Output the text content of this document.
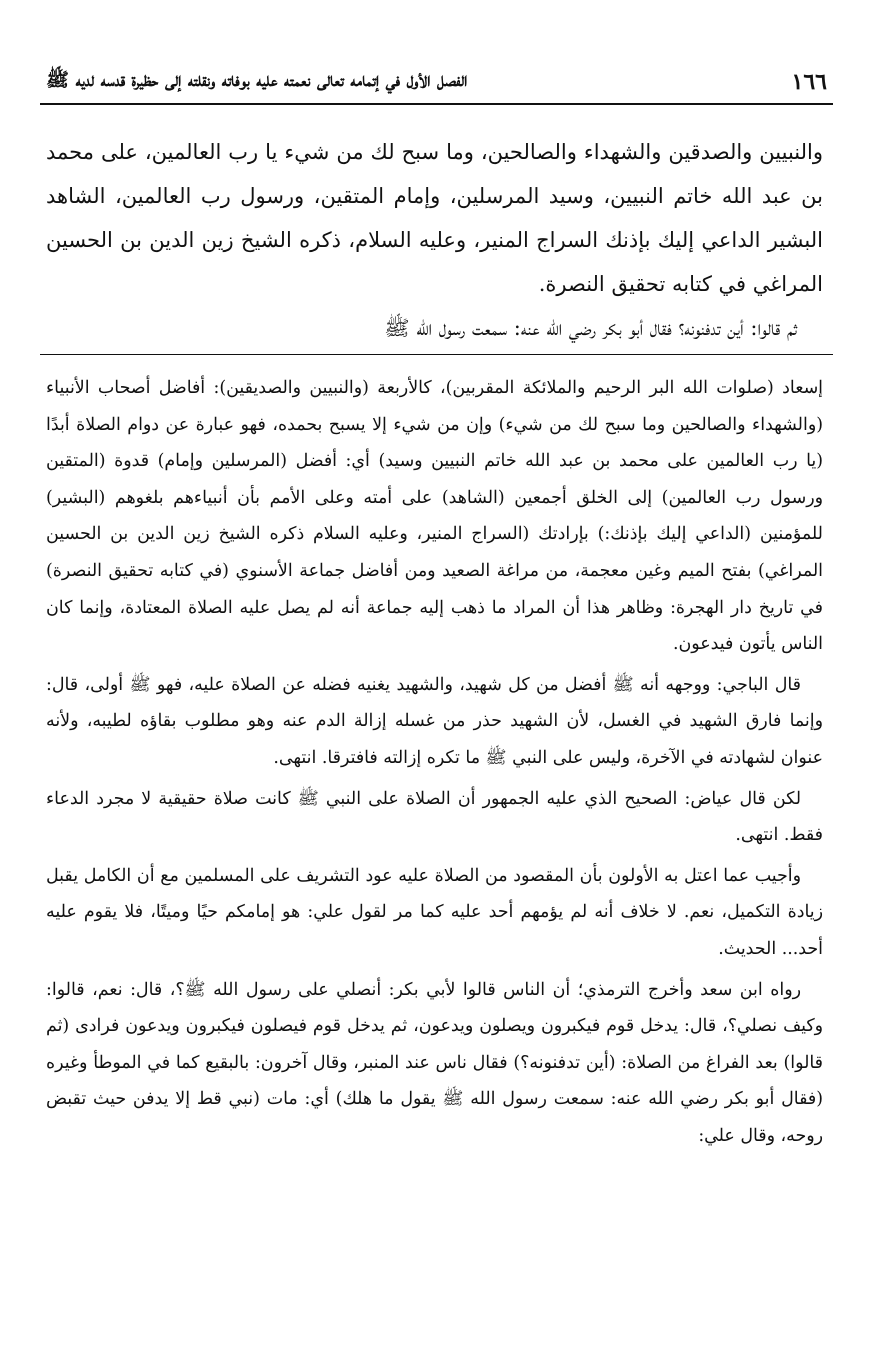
١٦٦
الفصل الأول في إتمامه تعالى نعمته عليه بوفاته ونقلته إلى حظيرة قدسه لديه ﷺ

والنبيين والصدقين والشهداء والصالحين، وما سبح لك من شيء يا رب العالمين، على محمد بن عبد الله خاتم النبيين، وسيد المرسلين، وإمام المتقين، ورسول رب العالمين، الشاهد البشير الداعي إليك بإذنك السراج المنير، وعليه السلام، ذكره الشيخ زين الدين بن الحسين المراغي في كتابه تحقيق النصرة.

ثم قالوا: أين تدفنونه؟ فقال أبو بكر رضي الله عنه: سمعت رسول الله ﷺ

إسعاد (صلوات الله البر الرحيم والملائكة المقربين)، كالأربعة (والنبيين والصديقين): أفاضل أصحاب الأنبياء (والشهداء والصالحين وما سبح لك من شيء) وإن من شيء إلا يسبح بحمده، فهو عبارة عن دوام الصلاة أبدًا (يا رب العالمين على محمد بن عبد الله خاتم النبيين وسيد) أي: أفضل (المرسلين وإمام) قدوة (المتقين ورسول رب العالمين) إلى الخلق أجمعين (الشاهد) على أمته وعلى الأمم بأن أنبياءهم بلغوهم (البشير) للمؤمنين (الداعي إليك بإذنك:) بإرادتك (السراج المنير، وعليه السلام ذكره الشيخ زين الدين بن الحسين المراغي) بفتح الميم وغين معجمة، من مراغة الصعيد ومن أفاضل جماعة الأسنوي (في كتابه تحقيق النصرة) في تاريخ دار الهجرة: وظاهر هذا أن المراد ما ذهب إليه جماعة أنه لم يصل عليه الصلاة المعتادة، وإنما كان الناس يأتون فيدعون.

قال الباجي: ووجهه أنه ﷺ أفضل من كل شهيد، والشهيد يغنيه فضله عن الصلاة عليه، فهو ﷺ أولى، قال: وإنما فارق الشهيد في الغسل، لأن الشهيد حذر من غسله إزالة الدم عنه وهو مطلوب بقاؤه لطيبه، ولأنه عنوان لشهادته في الآخرة، وليس على النبي ﷺ ما تكره إزالته فافترقا. انتهى.

لكن قال عياض: الصحيح الذي عليه الجمهور أن الصلاة على النبي ﷺ كانت صلاة حقيقية لا مجرد الدعاء فقط. انتهى.

وأجيب عما اعتل به الأولون بأن المقصود من الصلاة عليه عود التشريف على المسلمين مع أن الكامل يقبل زيادة التكميل، نعم. لا خلاف أنه لم يؤمهم أحد عليه كما مر لقول علي: هو إمامكم حيًا وميتًا، فلا يقوم عليه أحد... الحديث.

رواه ابن سعد وأخرج الترمذي؛ أن الناس قالوا لأبي بكر: أنصلي على رسول الله ﷺ؟، قال: نعم، قالوا: وكيف نصلي؟، قال: يدخل قوم فيكبرون ويصلون ويدعون، ثم يدخل قوم فيصلون فيكبرون ويدعون فرادى (ثم قالوا) بعد الفراغ من الصلاة: (أين تدفنونه؟) فقال ناس عند المنبر، وقال آخرون: بالبقيع كما في الموطأ وغيره (فقال أبو بكر رضي الله عنه: سمعت رسول الله ﷺ يقول ما هلك) أي: مات (نبي قط إلا يدفن حيث تقبض روحه، وقال علي:
